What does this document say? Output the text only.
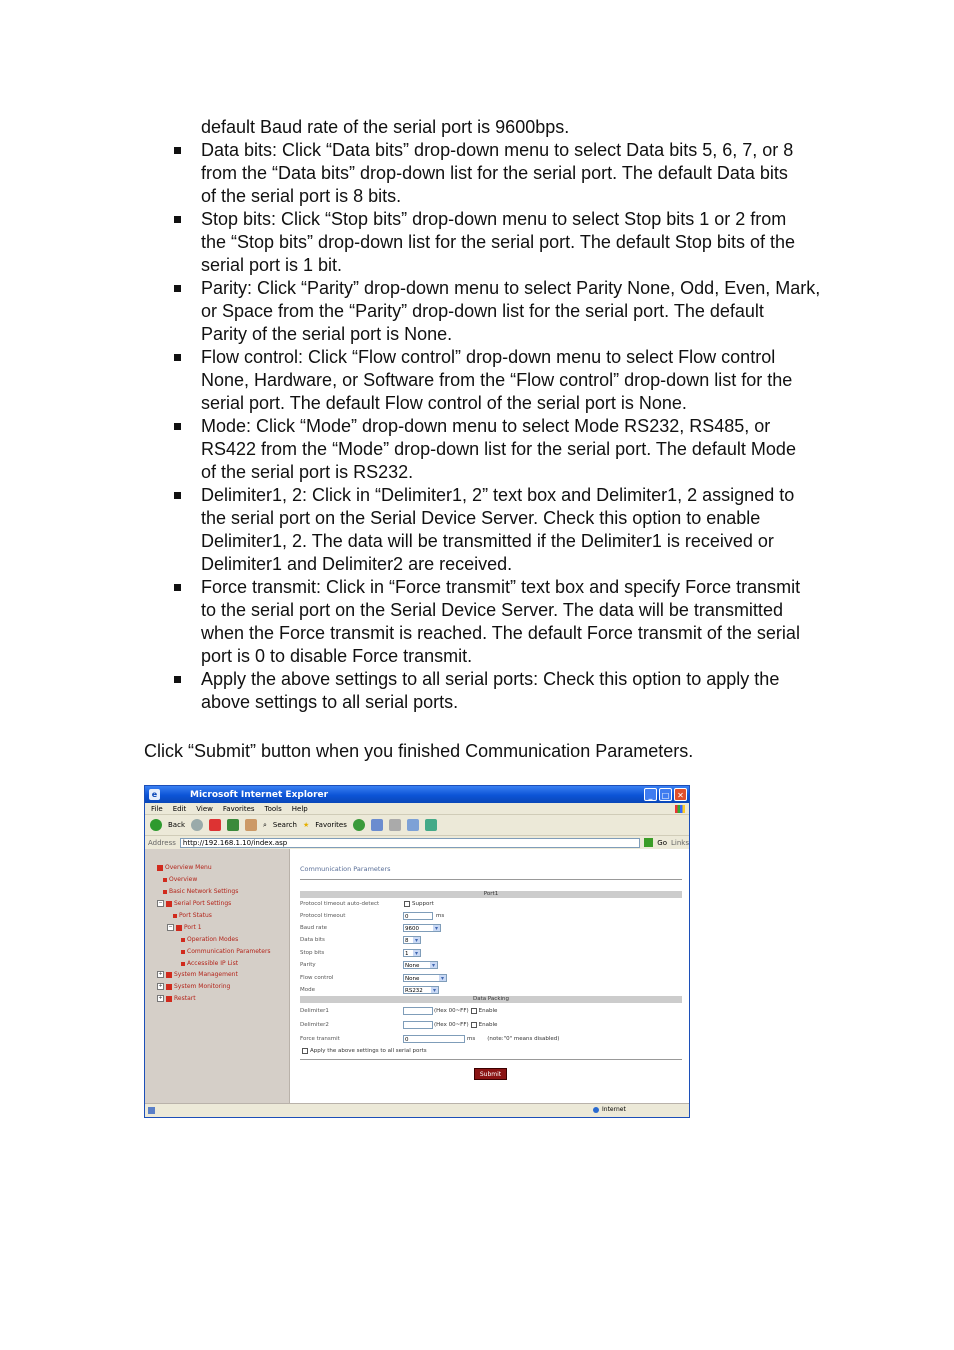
default Baud rate of the serial port is 9600bps.
Data bits: Click “Data bits” drop-down menu to select Data bits 5, 6, 7, or 8
from the “Data bits” drop-down list for the serial port. The default Data bits
of the serial port is 8 bits.
Stop bits: Click “Stop bits” drop-down menu to select Stop bits 1 or 2 from
the “Stop bits” drop-down list for the serial port. The default Stop bits of the
serial port is 1 bit.
Parity: Click “Parity” drop-down menu to select Parity None, Odd, Even, Mark,
or Space from the “Parity” drop-down list for the serial port. The default
Parity of the serial port is None.
Flow control: Click “Flow control” drop-down menu to select Flow control
None, Hardware, or Software from the “Flow control” drop-down list for the
serial port. The default Flow control of the serial port is None.
Mode: Click “Mode” drop-down menu to select Mode RS232, RS485, or
RS422 from the “Mode” drop-down list for the serial port. The default Mode
of the serial port is RS232.
Delimiter1, 2: Click in “Delimiter1, 2” text box and Delimiter1, 2 assigned to
the serial port on the Serial Device Server. Check this option to enable
Delimiter1, 2. The data will be transmitted if the Delimiter1 is received or
Delimiter1 and Delimiter2 are received.
Force transmit: Click in “Force transmit” text box and specify Force transmit
to the serial port on the Serial Device Server. The data will be transmitted
when the Force transmit is reached. The default Force transmit of the serial
port is 0 to disable Force transmit.
Apply the above settings to all serial ports: Check this option to apply the
above settings to all serial ports.
Click “Submit” button when you finished Communication Parameters.
e	Microsoft Internet Explorer	_	□ ✕
File Edit View Favorites Tools Help
Back	⌕ Search ★ Favorites
Address http://192.168.1.10/index.asp	Go Links
Overview Menu
Overview
Basic Network Settings
− Serial Port Settings
Port Status
− Port 1
Operation Modes
Communication Parameters
Accessible IP List
+ System Management
+ System Monitoring
+ Restart
Communication Parameters
Port1
Protocol timeout auto-detect	Support
Protocol timeout	0	ms
Baud rate	9600 ▾
Data bits	8 ▾
Stop bits	1 ▾
Parity	None ▾
Flow control	None ▾
Mode	RS232 ▾
Data Packing
Delimiter1	(Hex 00~FF) Enable
Delimiter2	(Hex 00~FF) Enable
Force transmit	0	ms (note:"0" means disabled)
Apply the above settings to all serial ports
Submit
Internet
